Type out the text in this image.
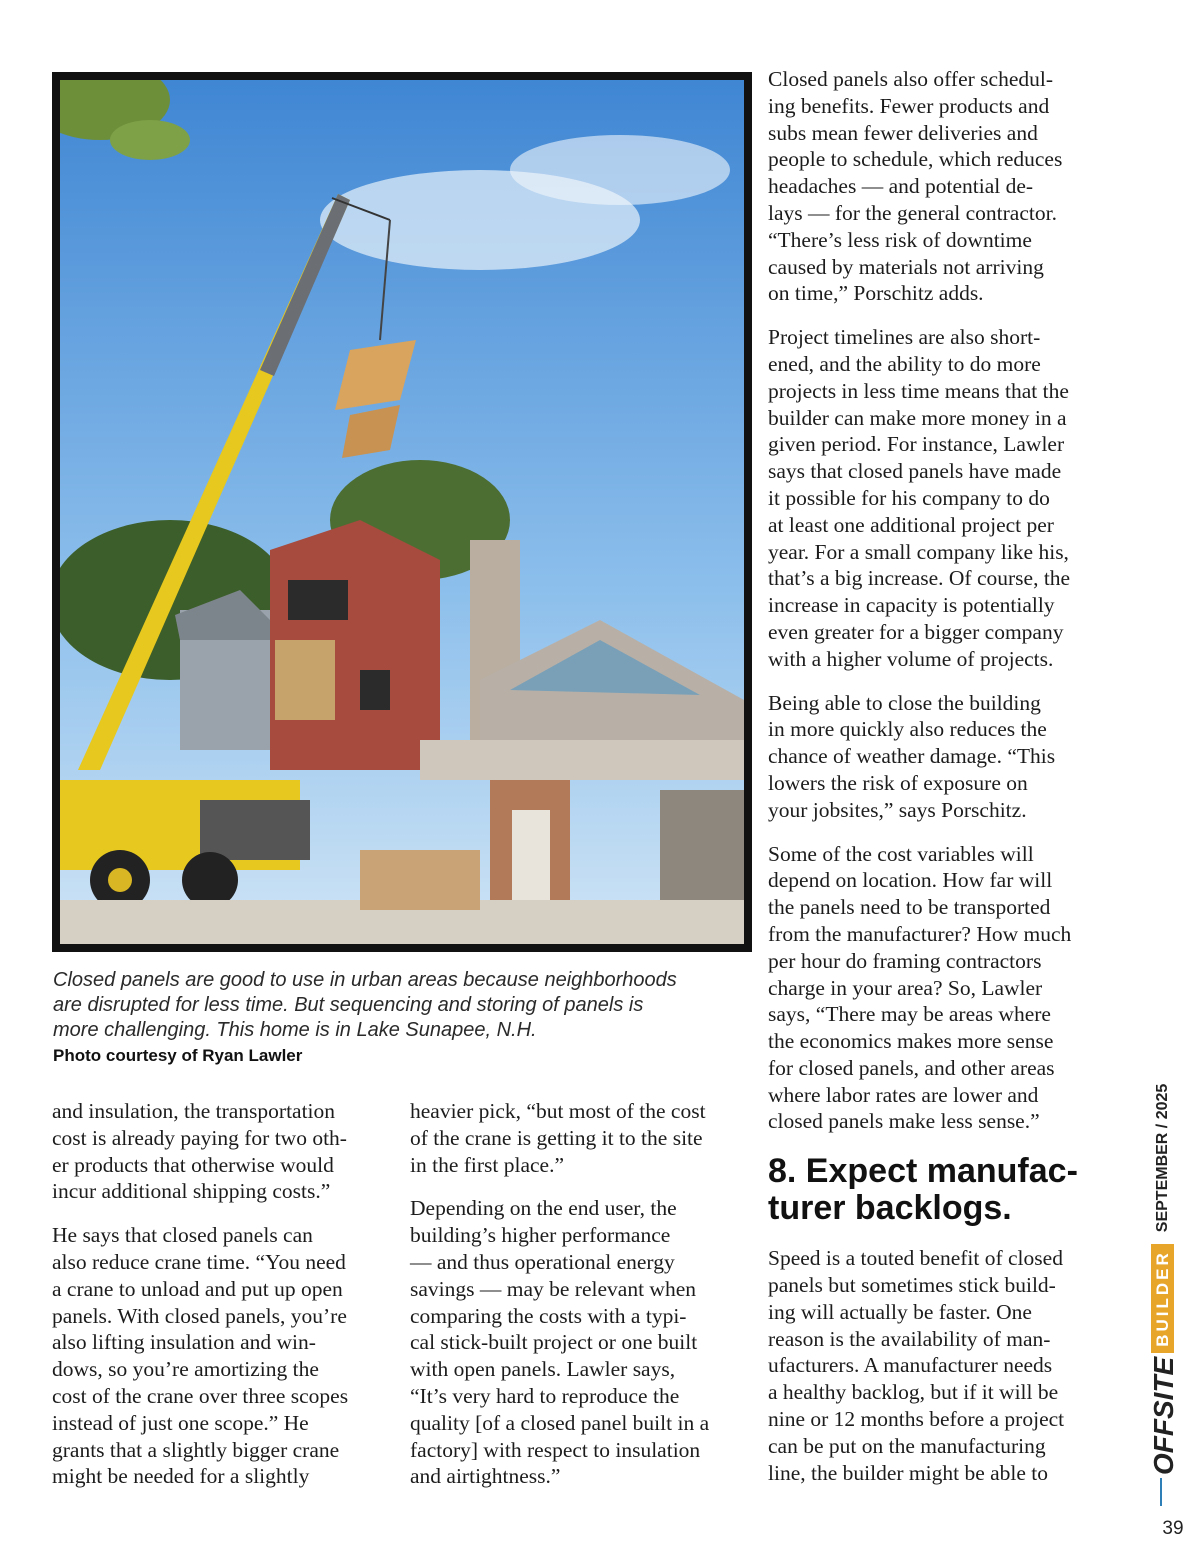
Closed panels are good to use in urban areas because neighborhoods
are disrupted for less time. But sequencing and storing of panels is
more challenging. This home is in Lake Sunapee, N.H.
Photo courtesy of Ryan Lawler
and insulation, the transportation
cost is already paying for two oth-
er products that otherwise would
incur additional shipping costs.”
He says that closed panels can
also reduce crane time. “You need
a crane to unload and put up open
panels. With closed panels, you’re
also lifting insulation and win-
dows, so you’re amortizing the
cost of the crane over three scopes
instead of just one scope.” He
grants that a slightly bigger crane
might be needed for a slightly
heavier pick, “but most of the cost
of the crane is getting it to the site
in the first place.”
Depending on the end user, the
building’s higher performance
— and thus operational energy
savings — may be relevant when
comparing the costs with a typi-
cal stick-built project or one built
with open panels. Lawler says,
“It’s very hard to reproduce the
quality [of a closed panel built in a
factory] with respect to insulation
and airtightness.”
Closed panels also offer schedul-
ing benefits. Fewer products and
subs mean fewer deliveries and
people to schedule, which reduces
headaches — and potential de-
lays — for the general contractor.
“There’s less risk of downtime
caused by materials not arriving
on time,” Porschitz adds.
Project timelines are also short-
ened, and the ability to do more
projects in less time means that the
builder can make more money in a
given period. For instance, Lawler
says that closed panels have made
it possible for his company to do
at least one additional project per
year. For a small company like his,
that’s a big increase. Of course, the
increase in capacity is potentially
even greater for a bigger company
with a higher volume of projects.
Being able to close the building
in more quickly also reduces the
chance of weather damage. “This
lowers the risk of exposure on
your jobsites,” says Porschitz.
Some of the cost variables will
depend on location. How far will
the panels need to be transported
from the manufacturer? How much
per hour do framing contractors
charge in your area? So, Lawler
says, “There may be areas where
the economics makes more sense
for closed panels, and other areas
where labor rates are lower and
closed panels make less sense.”
8. Expect manufac-
turer backlogs.
Speed is a touted benefit of closed
panels but sometimes stick build-
ing will actually be faster. One
reason is the availability of man-
ufacturers. A manufacturer needs
a healthy backlog, but if it will be
nine or 12 months before a project
can be put on the manufacturing
line, the builder might be able to	OFFSITEBUILDERSEPTEMBER / 2025
39
